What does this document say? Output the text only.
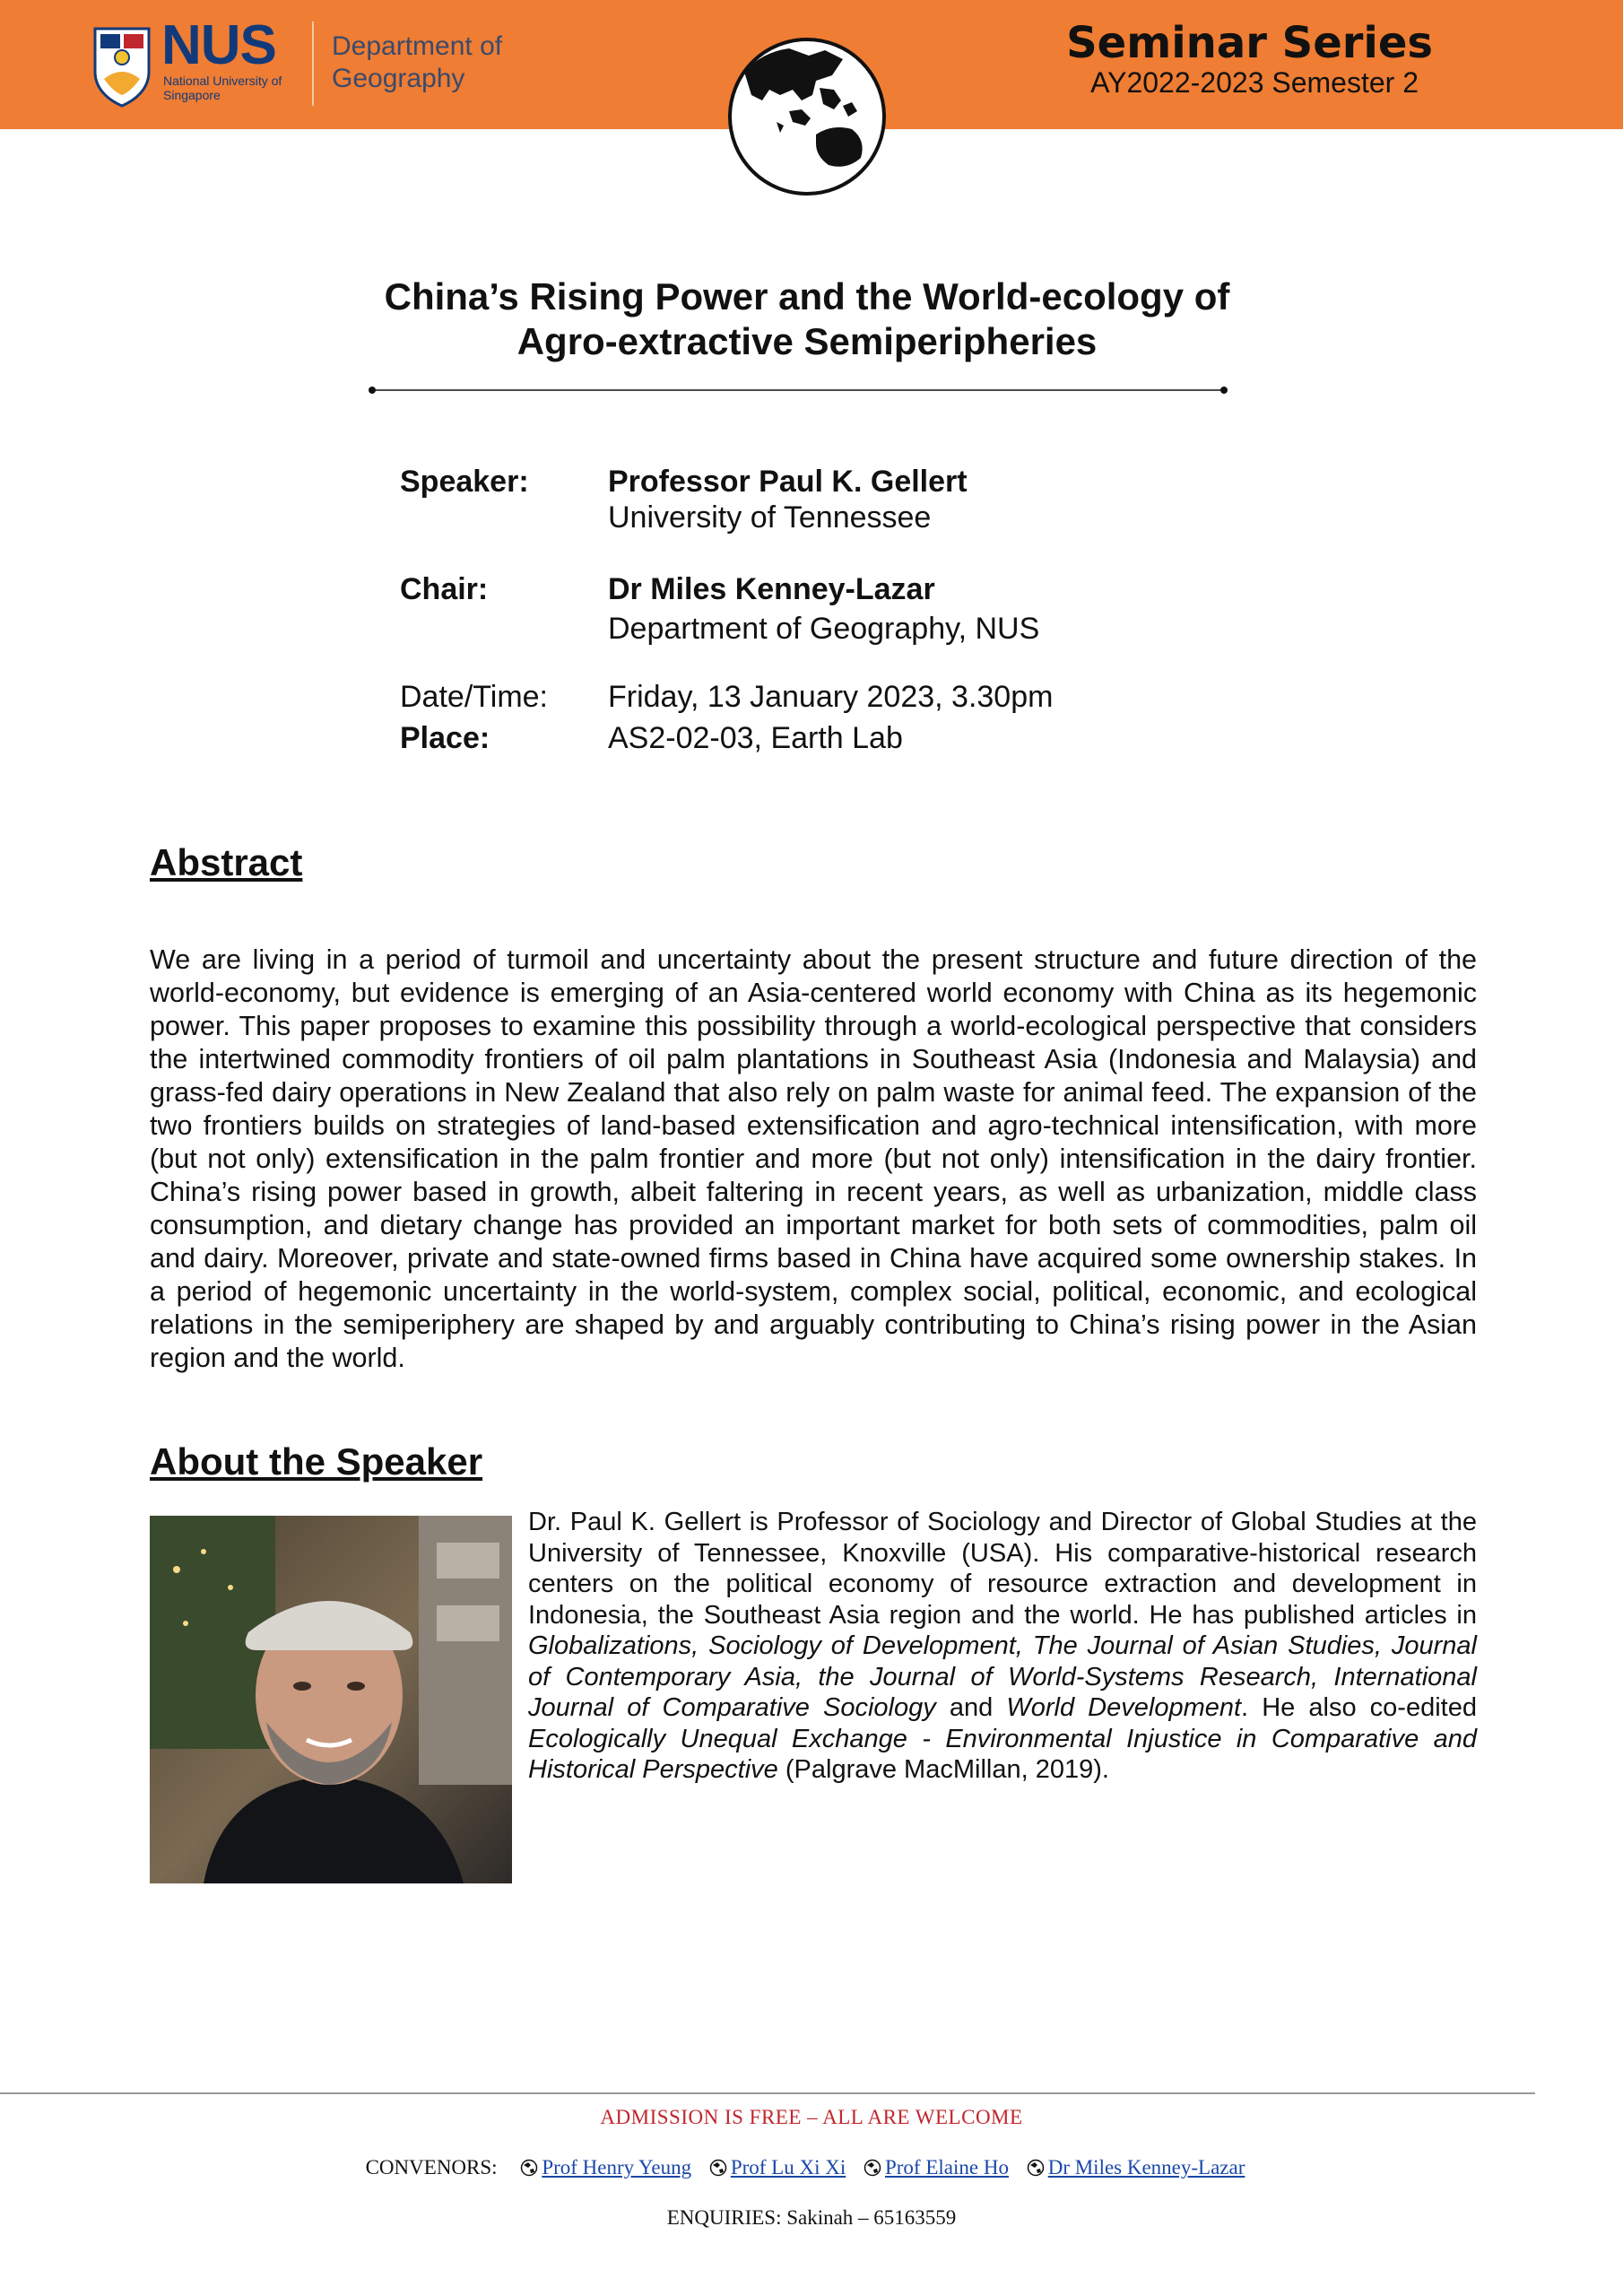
NUS
National University of Singapore
Department of Geography
Seminar Series
AY2022-2023 Semester 2
China’s Rising Power and the World-ecology of
Agro-extractive Semiperipheries
Speaker:	Professor Paul K. Gellert
University of Tennessee
Chair:	Dr Miles Kenney-Lazar
Department of Geography, NUS
Date/Time:	Friday, 13 January 2023, 3.30pm
Place:	AS2-02-03, Earth Lab
Abstract
We are living in a period of turmoil and uncertainty about the present structure and future direction of the world-economy, but evidence is emerging of an Asia-centered world economy with China as its hegemonic power. This paper proposes to examine this possibility through a world-ecological perspective that considers the intertwined commodity frontiers of oil palm plantations in Southeast Asia (Indonesia and Malaysia) and grass-fed dairy operations in New Zealand that also rely on palm waste for animal feed. The expansion of the two frontiers builds on strategies of land-based extensification and agro-technical intensification, with more (but not only) extensification in the palm frontier and more (but not only) intensification in the dairy frontier. China’s rising power based in growth, albeit faltering in recent years, as well as urbanization, middle class consumption, and dietary change has provided an important market for both sets of commodities, palm oil and dairy. Moreover, private and state-owned firms based in China have acquired some ownership stakes. In a period of hegemonic uncertainty in the world-system, complex social, political, economic, and ecological relations in the semiperiphery are shaped by and arguably contributing to China’s rising power in the Asian region and the world.
About the Speaker
Dr. Paul K. Gellert is Professor of Sociology and Director of Global Studies at the University of Tennessee, Knoxville (USA). His comparative-historical research centers on the political economy of resource extraction and development in Indonesia, the Southeast Asia region and the world. He has published articles in Globalizations, Sociology of Development, The Journal of Asian Studies, Journal of Contemporary Asia, the Journal of World-Systems Research, International Journal of Comparative Sociology and World Development. He also co-edited Ecologically Unequal Exchange - Environmental Injustice in Comparative and Historical Perspective (Palgrave MacMillan, 2019).
ADMISSION IS FREE – ALL ARE WELCOME
CONVENORS: Prof Henry Yeung Prof Lu Xi Xi Prof Elaine Ho Dr Miles Kenney-Lazar
ENQUIRIES: Sakinah – 65163559
